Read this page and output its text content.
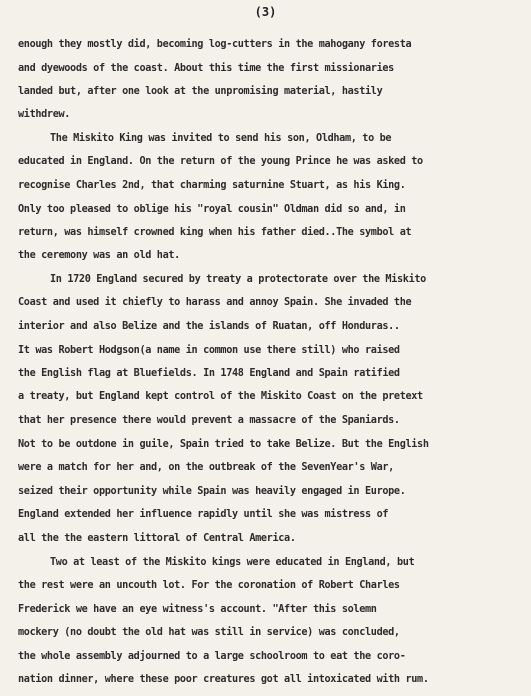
(3)
enough they mostly did, becoming log-cutters in the mahogany foresta
and dyewoods of the coast. About this time the first missionaries
landed but, after one look at the unpromising material, hastily
withdrew.
The Miskito King was invited to send his son, Oldham, to be
educated in England. On the return of the young Prince he was asked to
recognise Charles 2nd, that charming saturnine Stuart, as his King.
Only too pleased to oblige his "royal cousin" Oldman did so and, in
return, was himself crowned king when his father died..The symbol at
the ceremony was an old hat.
In 1720 England secured by treaty a protectorate over the Miskito
Coast and used it chiefly to harass and annoy Spain. She invaded the
interior and also Belize and the islands of Ruatan, off Honduras..
It was Robert Hodgson(a name in common use there still) who raised
the English flag at Bluefields. In 1748 England and Spain ratified
a treaty, but England kept control of the Miskito Coast on the pretext
that her presence there would prevent a massacre of the Spaniards.
Not to be outdone in guile, Spain tried to take Belize. But the English
were a match for her and, on the outbreak of the SevenYear's War,
seized their opportunity while Spain was heavily engaged in Europe.
England extended her influence rapidly until she was mistress of
all the the eastern littoral of Central America.
Two at least of the Miskito kings were educated in England, but
the rest were an uncouth lot. For the coronation of Robert Charles
Frederick we have an eye witness's account. "After this solemn
mockery (no doubt the old hat was still in service) was concluded,
the whole assembly adjourned to a large schoolroom to eat the coro-
nation dinner, where these poor creatures got all intoxicated with rum.
